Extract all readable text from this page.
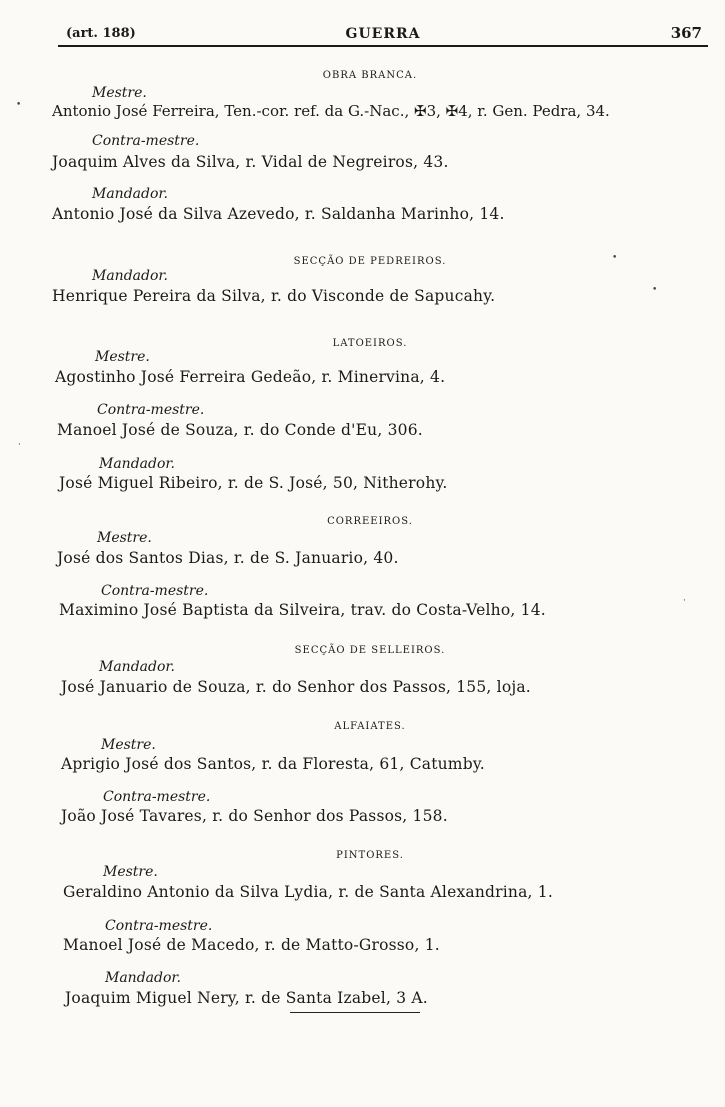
(art. 188)	GUERRA	367
OBRA BRANCA.
Mestre.
Antonio José Ferreira, Ten.-cor. ref. da G.-Nac., ✠3, ✠4, r. Gen. Pedra, 34.
Contra-mestre.
Joaquim Alves da Silva, r. Vidal de Negreiros, 43.
Mandador.
Antonio José da Silva Azevedo, r. Saldanha Marinho, 14.
SECÇÃO DE PEDREIROS.
Mandador.
Henrique Pereira da Silva, r. do Visconde de Sapucahy.
LATOEIROS.
Mestre.
Agostinho José Ferreira Gedeão, r. Minervina, 4.
Contra-mestre.
Manoel José de Souza, r. do Conde d'Eu, 306.
Mandador.
José Miguel Ribeiro, r. de S. José, 50, Nitherohy.
CORREEIROS.
Mestre.
José dos Santos Dias, r. de S. Januario, 40.
Contra-mestre.
Maximino José Baptista da Silveira, trav. do Costa-Velho, 14.
SECÇÃO DE SELLEIROS.
Mandador.
José Januario de Souza, r. do Senhor dos Passos, 155, loja.
ALFAIATES.
Mestre.
Aprigio José dos Santos, r. da Floresta, 61, Catumby.
Contra-mestre.
João José Tavares, r. do Senhor dos Passos, 158.
PINTORES.
Mestre.
Geraldino Antonio da Silva Lydia, r. de Santa Alexandrina, 1.
Contra-mestre.
Manoel José de Macedo, r. de Matto-Grosso, 1.
Mandador.
Joaquim Miguel Nery, r. de Santa Izabel, 3 A.
•
•
•
·
·
